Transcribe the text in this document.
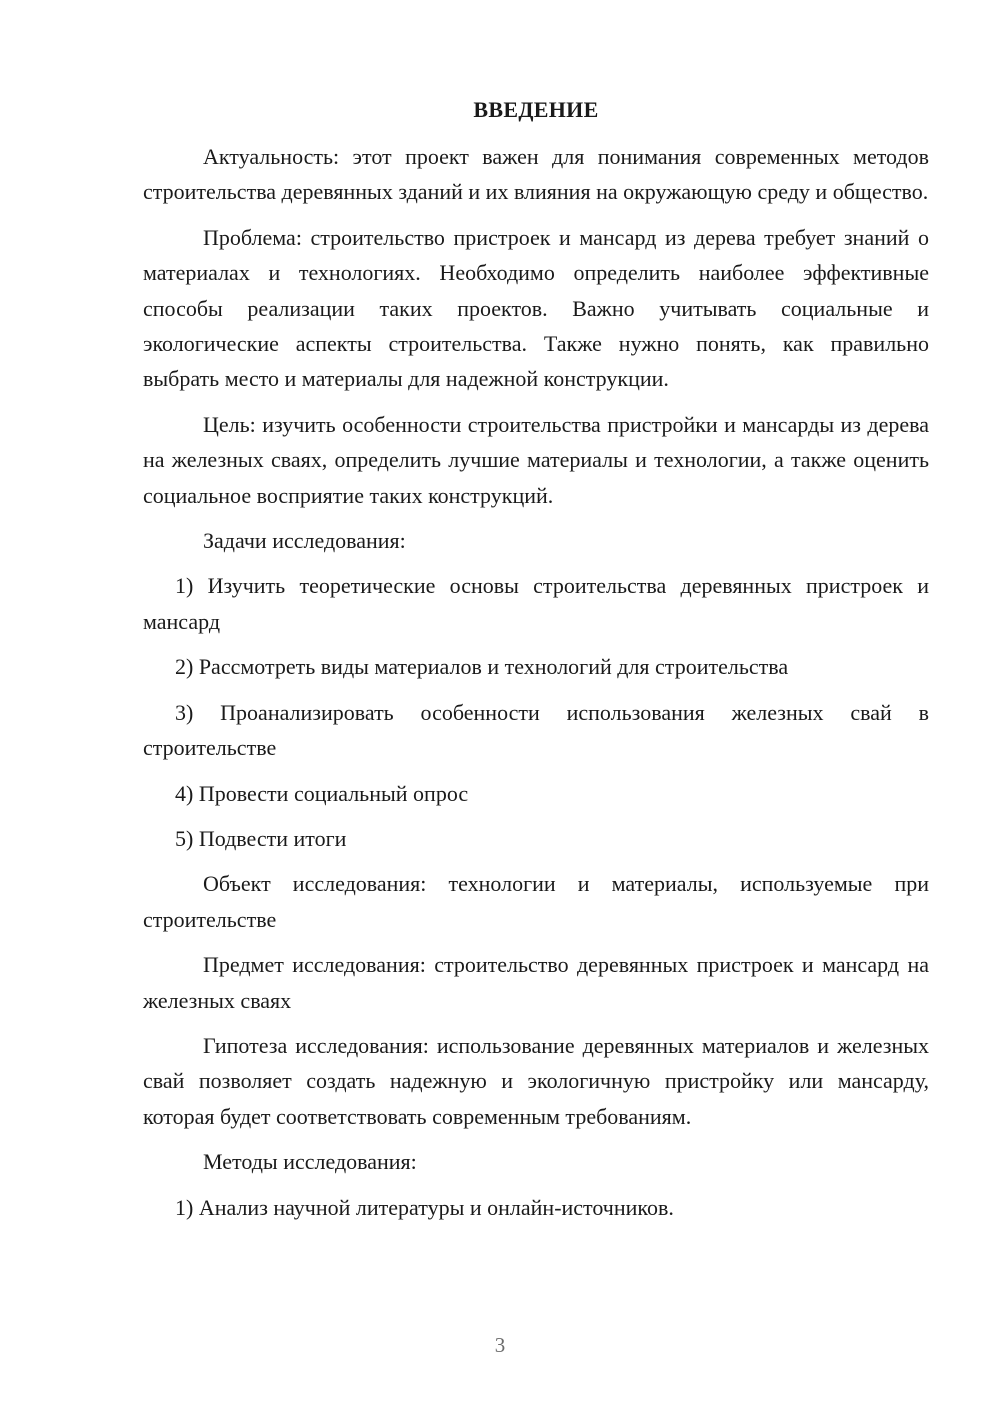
ВВЕДЕНИЕ

Актуальность: этот проект важен для понимания современных методов строительства деревянных зданий и их влияния на окружающую среду и общество.

Проблема: строительство пристроек и мансард из дерева требует знаний о материалах и технологиях. Необходимо определить наиболее эффективные способы реализации таких проектов. Важно учитывать социальные и экологические аспекты строительства. Также нужно понять, как правильно выбрать место и материалы для надежной конструкции.

Цель: изучить особенности строительства пристройки и мансарды из дерева на железных сваях, определить лучшие материалы и технологии, а также оценить социальное восприятие таких конструкций.

Задачи исследования:

1) Изучить теоретические основы строительства деревянных пристроек и мансард

2) Рассмотреть виды материалов и технологий для строительства

3) Проанализировать особенности использования железных свай в строительстве

4) Провести социальный опрос

5) Подвести итоги

Объект исследования: технологии и материалы, используемые при строительстве

Предмет исследования: строительство деревянных пристроек и мансард на железных сваях

Гипотеза исследования: использование деревянных материалов и железных свай позволяет создать надежную и экологичную пристройку или мансарду, которая будет соответствовать современным требованиям.

Методы исследования:

1) Анализ научной литературы и онлайн-источников.

3
